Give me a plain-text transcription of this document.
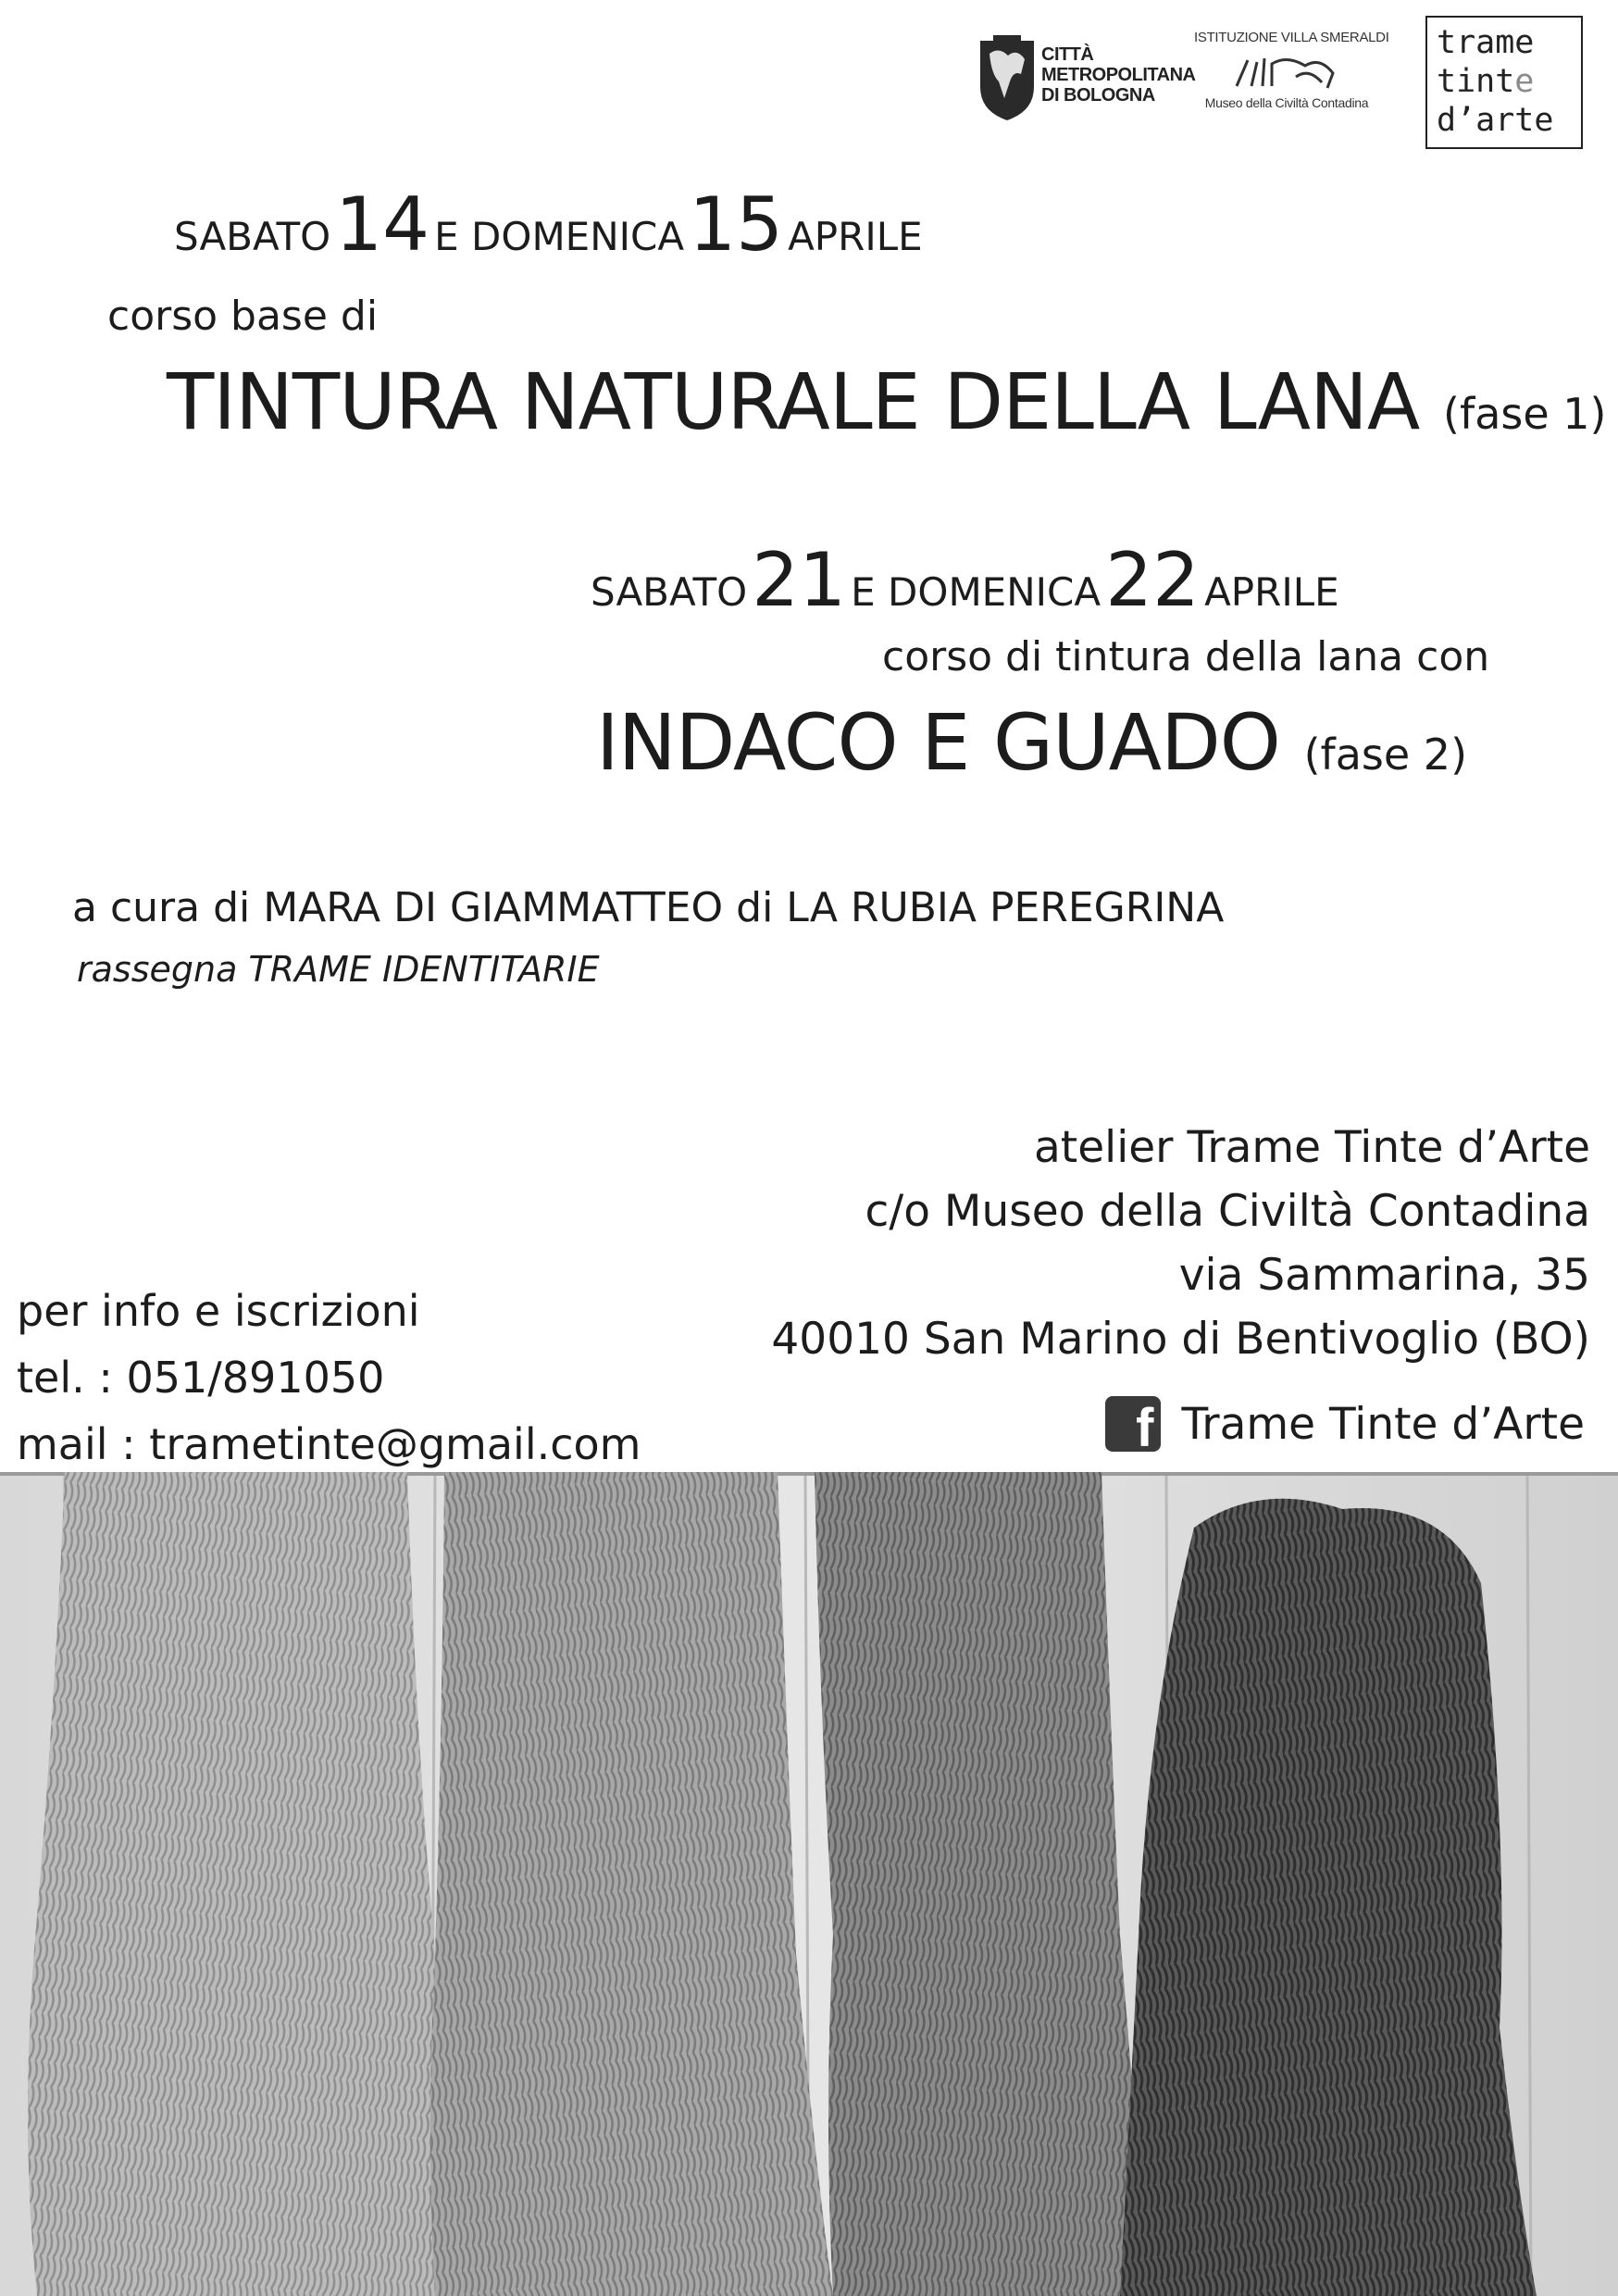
CITTÀ
METROPOLITANA
DI BOLOGNA
ISTITUZIONE VILLA SMERALDI
Museo della Civiltà Contadina
trame
tinte
d’arte
SABATO 14 E DOMENICA 15 APRILE
corso base di
TINTURA NATURALE DELLA LANA (fase 1)
SABATO 21 E DOMENICA 22 APRILE
corso di tintura della lana con
INDACO E GUADO (fase 2)
a cura di MARA DI GIAMMATTEO di LA RUBIA PEREGRINA
rassegna TRAME IDENTITARIE
per info e iscrizioni
tel. : 051/891050
mail : trametinte@gmail.com
atelier Trame Tinte d’Arte
c/o Museo della Civiltà Contadina
via Sammarina, 35
40010 San Marino di Bentivoglio (BO)
f Trame Tinte d’Arte
